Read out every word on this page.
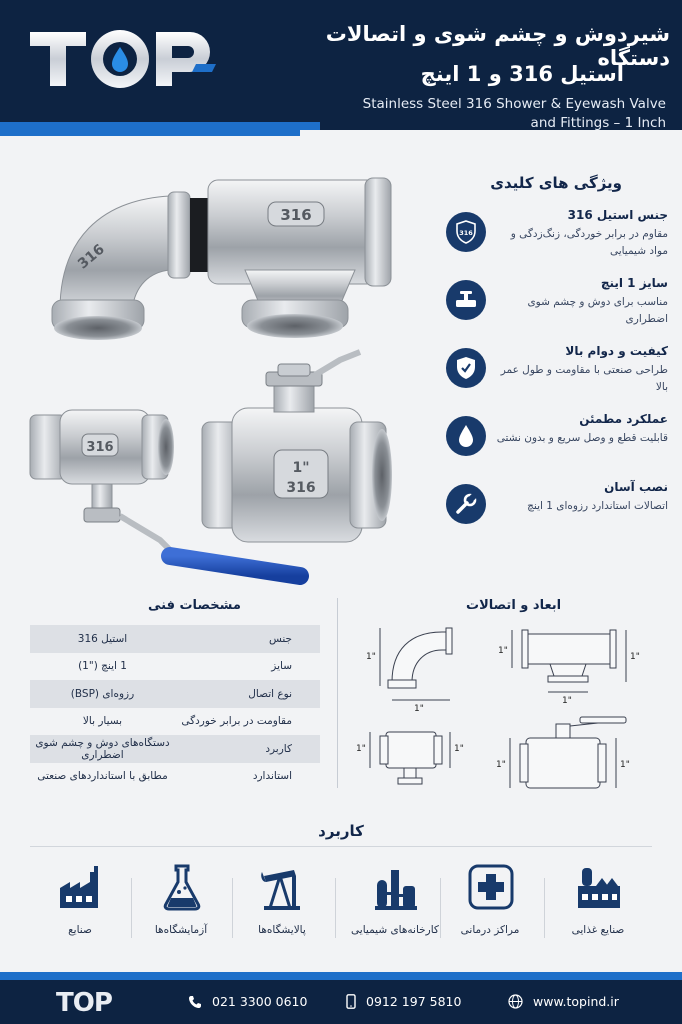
شیردوش و چشم شوی و اتصالات دستگاه
استیل 316 و 1 اینچ
Stainless Steel 316 Shower & Eyewash Valve and Fittings – 1 Inch
316
316
316
1"
316
ویژگی های کلیدی
316
جنس استیل 316
مقاوم در برابر خوردگی، زنگ‌زدگی و مواد شیمیایی
سایز 1 اینچ
مناسب برای دوش و چشم شوی اضطراری
کیفیت و دوام بالا
طراحی صنعتی با مقاومت و طول عمر بالا
عملکرد مطمئن
قابلیت قطع و وصل سریع و بدون نشتی
نصب آسان
اتصالات استاندارد رزوه‌ای 1 اینچ
مشخصات فنی
جنس
استیل 316
سایز
1 اینچ ("1)
نوع اتصال
رزوه‌ای (BSP)
مقاومت در برابر خوردگی
بسیار بالا
کاربرد
دستگاه‌های دوش و چشم شوی اضطراری
استاندارد
مطابق با استانداردهای صنعتی
ابعاد و اتصالات
1"
1"
1"
1"
1"
1"	1"
1"	1"
کاربرد
صنایع	آزمایشگاه‌ها	پالایشگاه‌ها	کارخانه‌های شیمیایی	مراکز درمانی	صنایع غذایی
TOP	021 3300 0610	0912 197 5810	www.topind.ir
